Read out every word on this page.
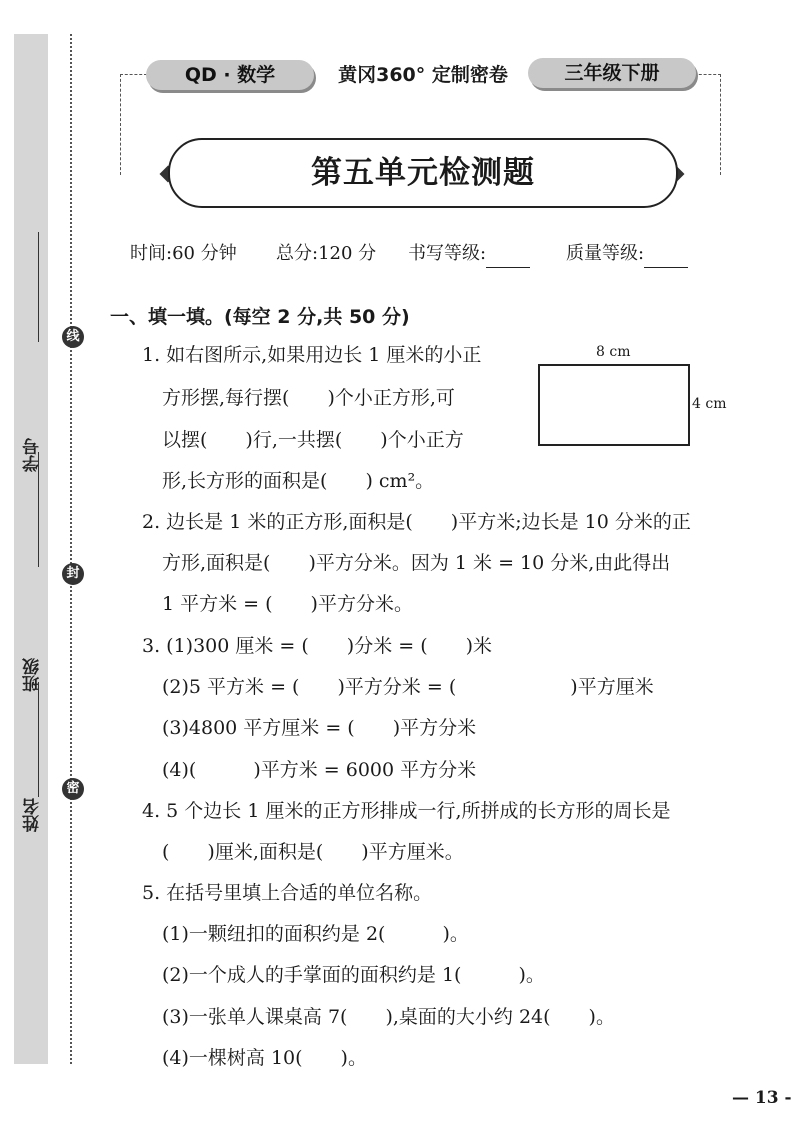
学号
班级
姓名
线
封
密
QD · 数学	黄冈360° 定制密卷	三年级下册
第五单元检测题
时间:60 分钟 总分:120 分 书写等级:	质量等级:
一、填一填。(每空 2 分,共 50 分)
8 cm
4 cm
1. 如右图所示,如果用边长 1 厘米的小正
方形摆,每行摆(　　)个小正方形,可
以摆(　　)行,一共摆(　　)个小正方
形,长方形的面积是(　　) cm²。
2. 边长是 1 米的正方形,面积是(　　)平方米;边长是 10 分米的正
方形,面积是(　　)平方分米。因为 1 米 = 10 分米,由此得出
1 平方米 = (　　)平方分米。
3. (1)300 厘米 = (　　)分米 = (　　)米
(2)5 平方米 = (　　)平方分米 = (　　　　　　)平方厘米
(3)4800 平方厘米 = (　　)平方分米
(4)(　　　)平方米 = 6000 平方分米
4. 5 个边长 1 厘米的正方形排成一行,所拼成的长方形的周长是
(　　)厘米,面积是(　　)平方厘米。
5. 在括号里填上合适的单位名称。
(1)一颗纽扣的面积约是 2(　　　)。
(2)一个成人的手掌面的面积约是 1(　　　)。
(3)一张单人课桌高 7(　　),桌面的大小约 24(　　)。
(4)一棵树高 10(　　)。
— 13 -
